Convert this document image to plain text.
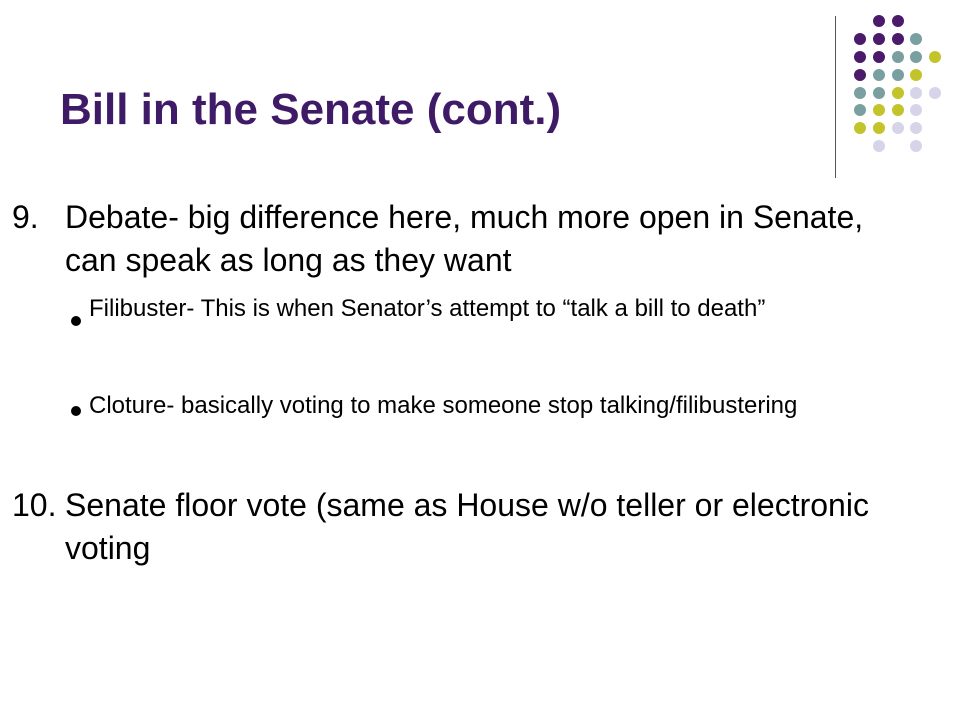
Bill in the Senate (cont.)
9. Debate- big difference here, much more open in Senate, can speak as long as they want
Filibuster- This is when Senator’s attempt to “talk a bill to death”
Cloture- basically voting to make someone stop talking/filibustering
10. Senate floor vote (same as House w/o teller or electronic voting
